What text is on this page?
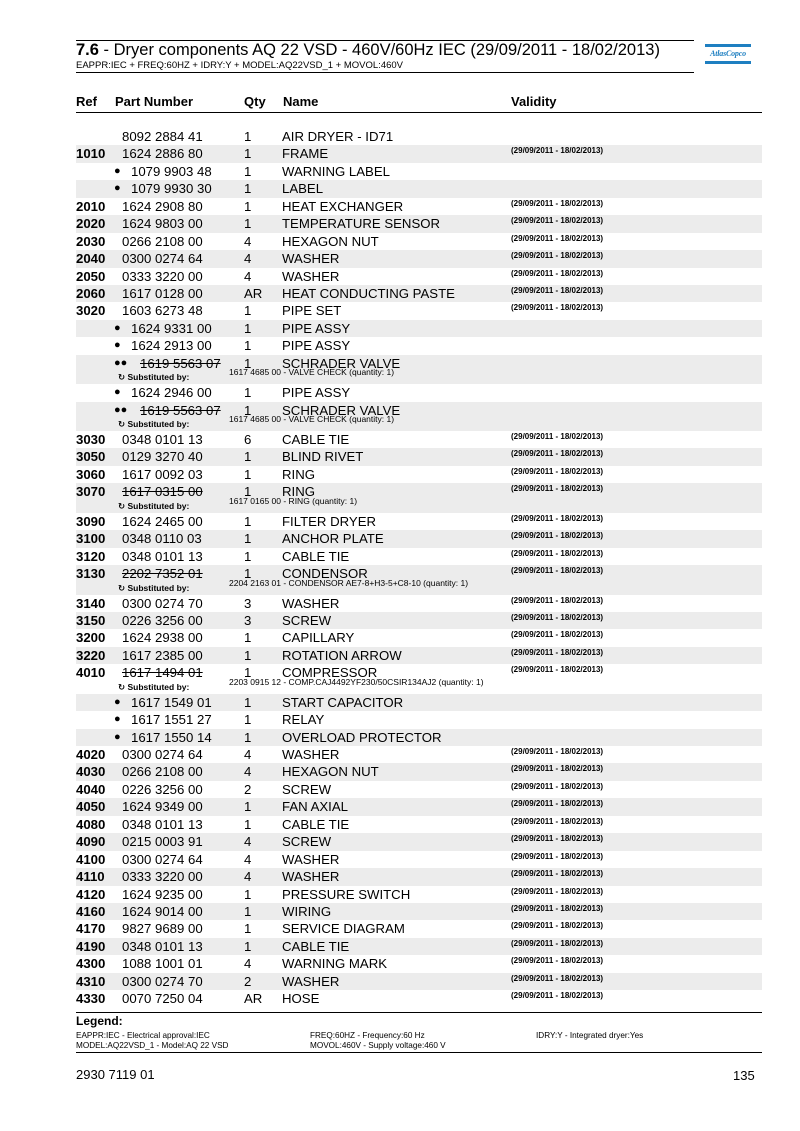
7.6 - Dryer components AQ 22 VSD - 460V/60Hz IEC (29/09/2011 - 18/02/2013)
EAPPR:IEC + FREQ:60HZ + IDRY:Y + MODEL:AQ22VSD_1 + MOVOL:460V
AtlasCopco
Ref Part Number	Qty Name	Validity
8092 2884 41	1 AIR DRYER - ID71
1010 1624 2886 80	1 FRAME	(29/09/2011 - 18/02/2013)
● 1079 9903 48 1 WARNING LABEL
● 1079 9930 30 1 LABEL
2010 1624 2908 80	1 HEAT EXCHANGER	(29/09/2011 - 18/02/2013)
2020 1624 9803 00	1 TEMPERATURE SENSOR	(29/09/2011 - 18/02/2013)
2030 0266 2108 00	4 HEXAGON NUT	(29/09/2011 - 18/02/2013)
2040 0300 0274 64	4 WASHER	(29/09/2011 - 18/02/2013)
2050 0333 3220 00	4 WASHER	(29/09/2011 - 18/02/2013)
2060 1617 0128 00	AR HEAT CONDUCTING PASTE	(29/09/2011 - 18/02/2013)
3020 1603 6273 48	1 PIPE SET	(29/09/2011 - 18/02/2013)
● 1624 9331 00 1 PIPE ASSY
● 1624 2913 00 1 PIPE ASSY
●● 1619 5563 07 1 SCHRADER VALVE
↻ Substituted by:	1617 4685 00 - VALVE CHECK (quantity: 1)
● 1624 2946 00 1 PIPE ASSY
●● 1619 5563 07 1 SCHRADER VALVE
↻ Substituted by:	1617 4685 00 - VALVE CHECK (quantity: 1)
3030 0348 0101 13	6 CABLE TIE	(29/09/2011 - 18/02/2013)
3050 0129 3270 40	1 BLIND RIVET	(29/09/2011 - 18/02/2013)
3060 1617 0092 03	1 RING	(29/09/2011 - 18/02/2013)
3070 1617 0315 00	1 RING	(29/09/2011 - 18/02/2013)
↻ Substituted by:	1617 0165 00 - RING (quantity: 1)
3090 1624 2465 00	1 FILTER DRYER	(29/09/2011 - 18/02/2013)
3100 0348 0110 03	1 ANCHOR PLATE	(29/09/2011 - 18/02/2013)
3120 0348 0101 13	1 CABLE TIE	(29/09/2011 - 18/02/2013)
3130 2202 7352 01	1 CONDENSOR	(29/09/2011 - 18/02/2013)
↻ Substituted by:	2204 2163 01 - CONDENSOR AE7-8+H3-5+C8-10 (quantity: 1)
3140 0300 0274 70	3 WASHER	(29/09/2011 - 18/02/2013)
3150 0226 3256 00	3 SCREW	(29/09/2011 - 18/02/2013)
3200 1624 2938 00	1 CAPILLARY	(29/09/2011 - 18/02/2013)
3220 1617 2385 00	1 ROTATION ARROW	(29/09/2011 - 18/02/2013)
4010 1617 1494 01	1 COMPRESSOR	(29/09/2011 - 18/02/2013)
↻ Substituted by:	2203 0915 12 - COMP.CAJ4492YF230/50CSIR134AJ2 (quantity: 1)
● 1617 1549 01 1 START CAPACITOR
● 1617 1551 27 1 RELAY
● 1617 1550 14 1 OVERLOAD PROTECTOR
4020 0300 0274 64	4 WASHER	(29/09/2011 - 18/02/2013)
4030 0266 2108 00	4 HEXAGON NUT	(29/09/2011 - 18/02/2013)
4040 0226 3256 00	2 SCREW	(29/09/2011 - 18/02/2013)
4050 1624 9349 00	1 FAN AXIAL	(29/09/2011 - 18/02/2013)
4080 0348 0101 13	1 CABLE TIE	(29/09/2011 - 18/02/2013)
4090 0215 0003 91	4 SCREW	(29/09/2011 - 18/02/2013)
4100 0300 0274 64	4 WASHER	(29/09/2011 - 18/02/2013)
4110 0333 3220 00	4 WASHER	(29/09/2011 - 18/02/2013)
4120 1624 9235 00	1 PRESSURE SWITCH	(29/09/2011 - 18/02/2013)
4160 1624 9014 00	1 WIRING	(29/09/2011 - 18/02/2013)
4170 9827 9689 00	1 SERVICE DIAGRAM	(29/09/2011 - 18/02/2013)
4190 0348 0101 13	1 CABLE TIE	(29/09/2011 - 18/02/2013)
4300 1088 1001 01	4 WARNING MARK	(29/09/2011 - 18/02/2013)
4310 0300 0274 70	2 WASHER	(29/09/2011 - 18/02/2013)
4330 0070 7250 04	AR HOSE	(29/09/2011 - 18/02/2013)
Legend:
EAPPR:IEC - Electrical approval:IEC	FREQ:60HZ - Frequency:60 Hz	IDRY:Y - Integrated dryer:Yes
MODEL:AQ22VSD_1 - Model:AQ 22 VSD	MOVOL:460V - Supply voltage:460 V
2930 7119 01	135
